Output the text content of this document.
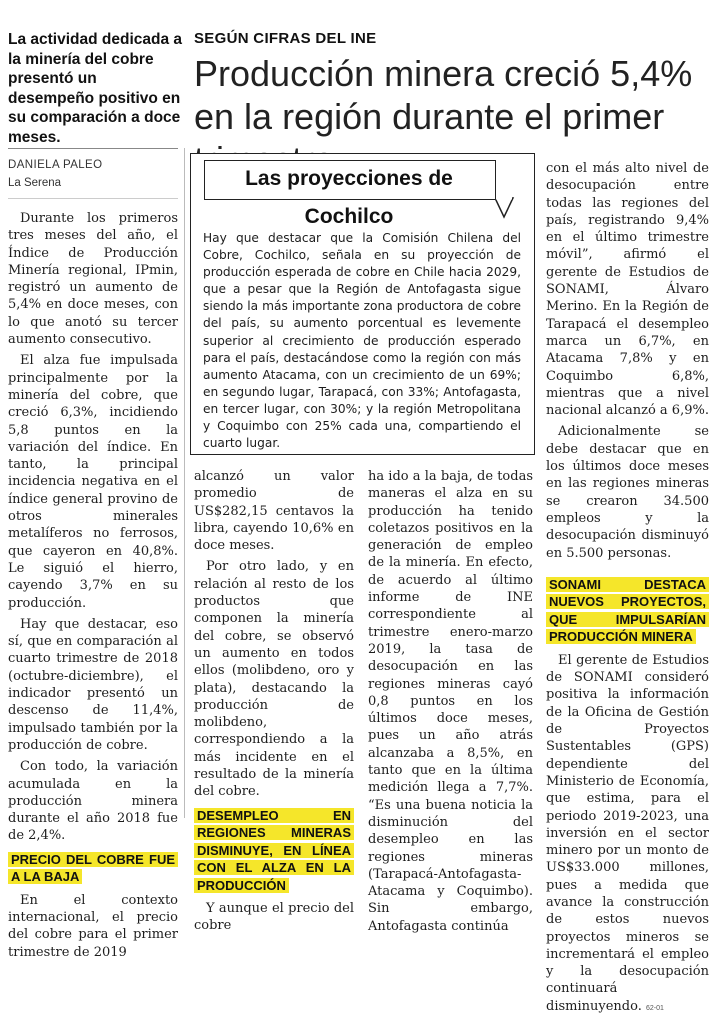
La actividad dedicada a la minería del cobre presentó un desempeño positivo en su comparación a doce meses.
SEGÚN CIFRAS DEL INE
Producción minera creció 5,4% en la región durante el primer
DANIELA PALEO
La Serena

Durante los primeros tres meses del año, el Índice de Producción Minería regional, IPmin, registró un aumento de 5,4% en doce meses, con lo que anotó su tercer aumento consecutivo.

El alza fue impulsada principalmente por la minería del cobre, que creció 6,3%, incidiendo 5,8 puntos en la variación del índice. En tanto, la principal incidencia negativa en el índice general provino de otros minerales metalíferos no ferrosos, que cayeron en 40,8%. Le siguió el hierro, cayendo 3,7% en su producción.

Hay que destacar, eso sí, que en comparación al cuarto trimestre de 2018 (octubre-diciembre), el indicador presentó un descenso de 11,4%, impulsado también por la producción de cobre.

Con todo, la variación acumulada en la producción minera durante el año 2018 fue de 2,4%.

PRECIO DEL COBRE FUE A LA BAJA

En el contexto internacional, el precio del cobre para el primer trimestre de 2019

Las proyecciones de Cochilco
Hay que destacar que la Comisión Chilena del Cobre, Cochilco, señala en su proyección de producción esperada de cobre en Chile hacia 2029, que a pesar que la Región de Antofagasta sigue siendo la más importante zona productora de cobre del país, su aumento porcentual es levemente superior al crecimiento de producción esperado para el país, destacándose como la región con más aumento Atacama, con un crecimiento de un 69%; en segundo lugar, Tarapacá, con 33%; Antofagasta, en tercer lugar, con 30%; y la región Metropolitana y Coquimbo con 25% cada una, compartiendo el cuarto lugar.

alcanzó un valor promedio de US$282,15 centavos la libra, cayendo 10,6% en doce meses.

Por otro lado, y en relación al resto de los productos que componen la minería del cobre, se observó un aumento en todos ellos (molibdeno, oro y plata), destacando la producción de molibdeno, correspondiendo a la más incidente en el resultado de la minería del cobre.

DESEMPLEO EN REGIONES MINERAS DISMINUYE, EN LÍNEA CON EL ALZA EN LA PRODUCCIÓN

Y aunque el precio del cobre

ha ido a la baja, de todas maneras el alza en su producción ha tenido coletazos positivos en la generación de empleo de la minería. En efecto, de acuerdo al último informe de INE correspondiente al trimestre enero-marzo 2019, la tasa de desocupación en las regiones mineras cayó 0,8 puntos en los últimos doce meses, pues un año atrás alcanzaba a 8,5%, en tanto que en la última medición llega a 7,7%. “Es una buena noticia la disminución del desempleo en las regiones mineras (Tarapacá-Antofagasta-Atacama y Coquimbo). Sin embargo, Antofagasta continúa

con el más alto nivel de desocupación entre todas las regiones del país, registrando 9,4% en el último trimestre móvil”, afirmó el gerente de Estudios de SONAMI, Álvaro Merino. En la Región de Tarapacá el desempleo marca un 6,7%, en Atacama 7,8% y en Coquimbo 6,8%, mientras que a nivel nacional alcanzó a 6,9%.

Adicionalmente se debe destacar que en los últimos doce meses en las regiones mineras se crearon 34.500 empleos y la desocupación disminuyó en 5.500 personas.

SONAMI DESTACA NUEVOS PROYECTOS, QUE IMPULSARÍAN PRODUCCIÓN MINERA

El gerente de Estudios de SONAMI consideró positiva la información de la Oficina de Gestión de Proyectos Sustentables (GPS) dependiente del Ministerio de Economía, que estima, para el periodo 2019-2023, una inversión en el sector minero por un monto de US$33.000 millones, pues a medida que avance la construcción de estos nuevos proyectos mineros se incrementará el empleo y la desocupación continuará disminuyendo. 62-01
